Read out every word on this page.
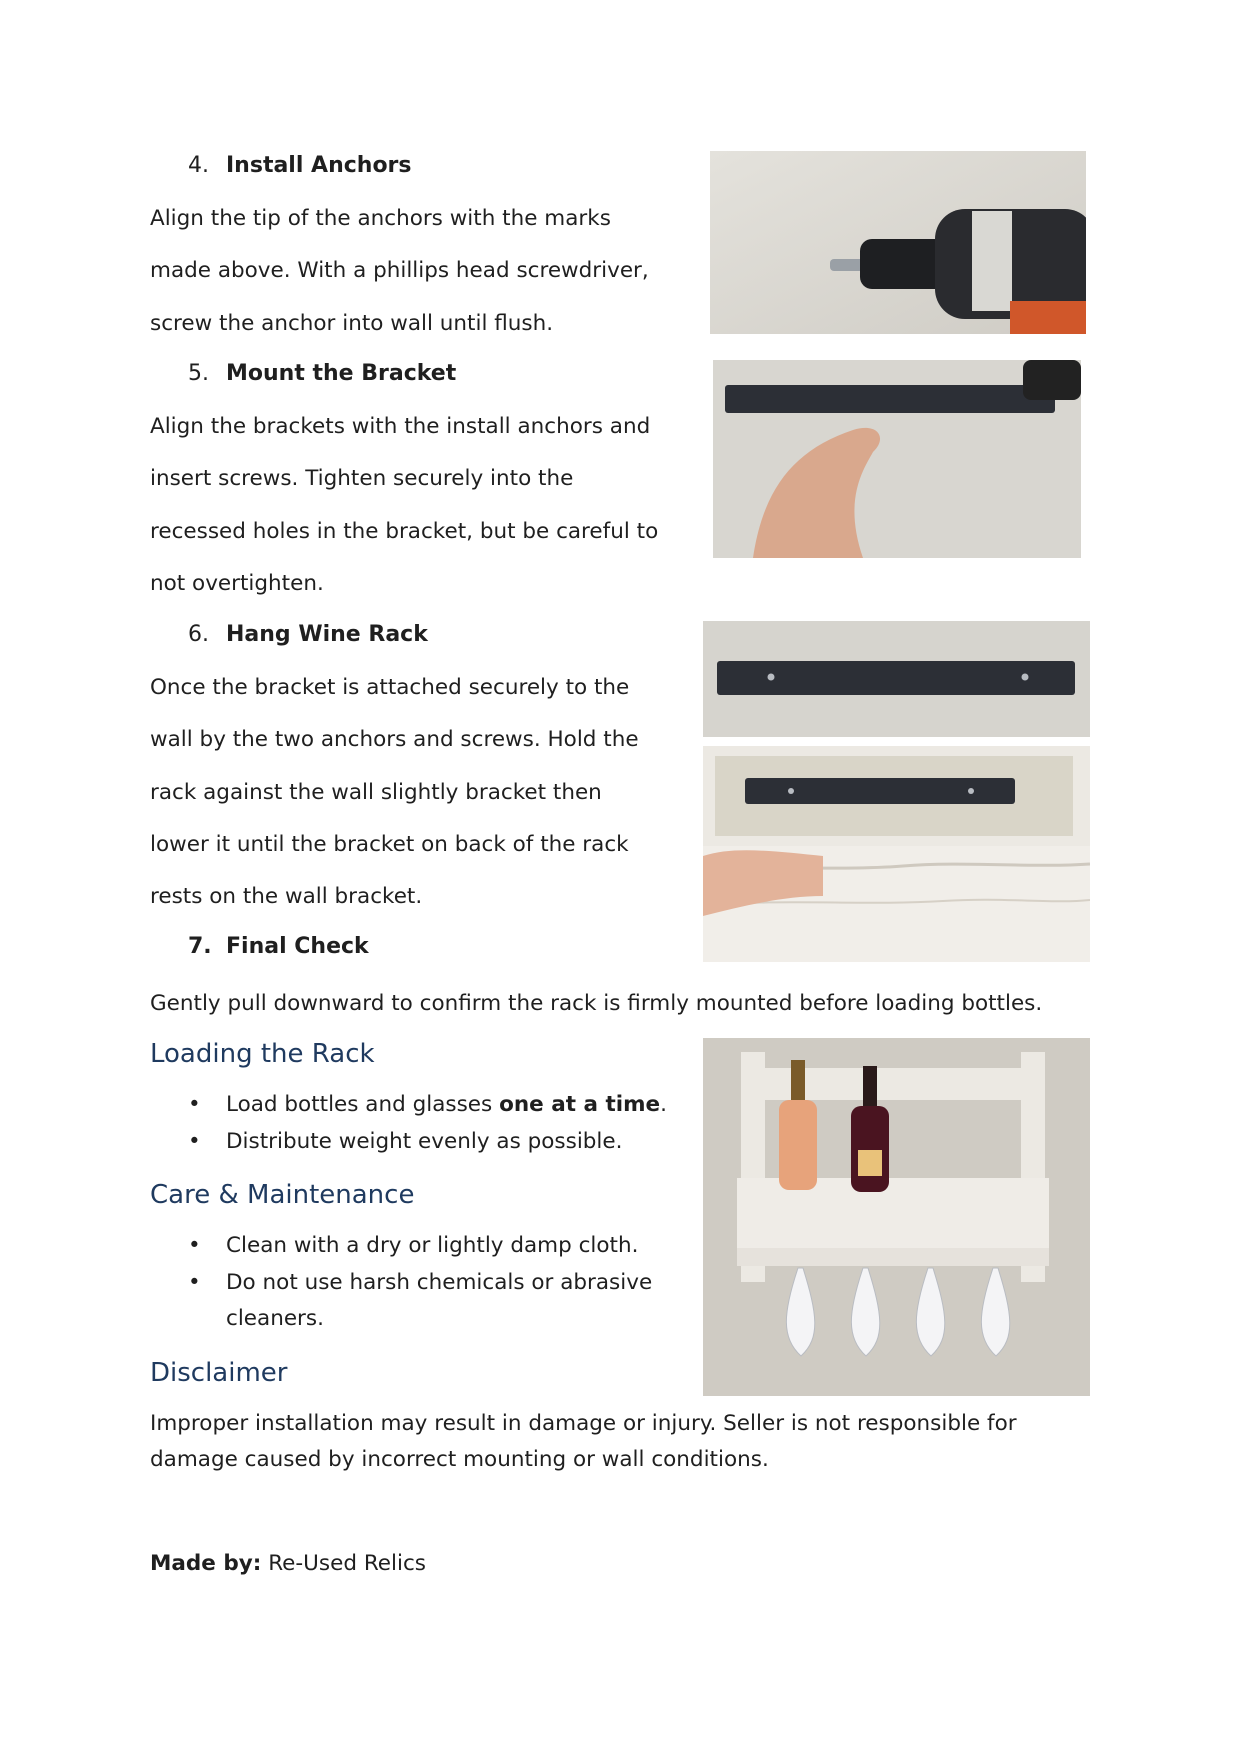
4. Install Anchors
Align the tip of the anchors with the marks
made above. With a phillips head screwdriver,
screw the anchor into wall until flush.
5. Mount the Bracket
Align the brackets with the install anchors and
insert screws. Tighten securely into the
recessed holes in the bracket, but be careful to
not overtighten.
6. Hang Wine Rack
Once the bracket is attached securely to the
wall by the two anchors and screws. Hold the
rack against the wall slightly bracket then
lower it until the bracket on back of the rack
rests on the wall bracket.
7. Final Check
Gently pull downward to confirm the rack is firmly mounted before loading bottles.
Loading the Rack
• Load bottles and glasses one at a time.
• Distribute weight evenly as possible.
Care & Maintenance
• Clean with a dry or lightly damp cloth.
• Do not use harsh chemicals or abrasive
cleaners.
Disclaimer
Improper installation may result in damage or injury. Seller is not responsible for
damage caused by incorrect mounting or wall conditions.
Made by: Re-Used Relics
